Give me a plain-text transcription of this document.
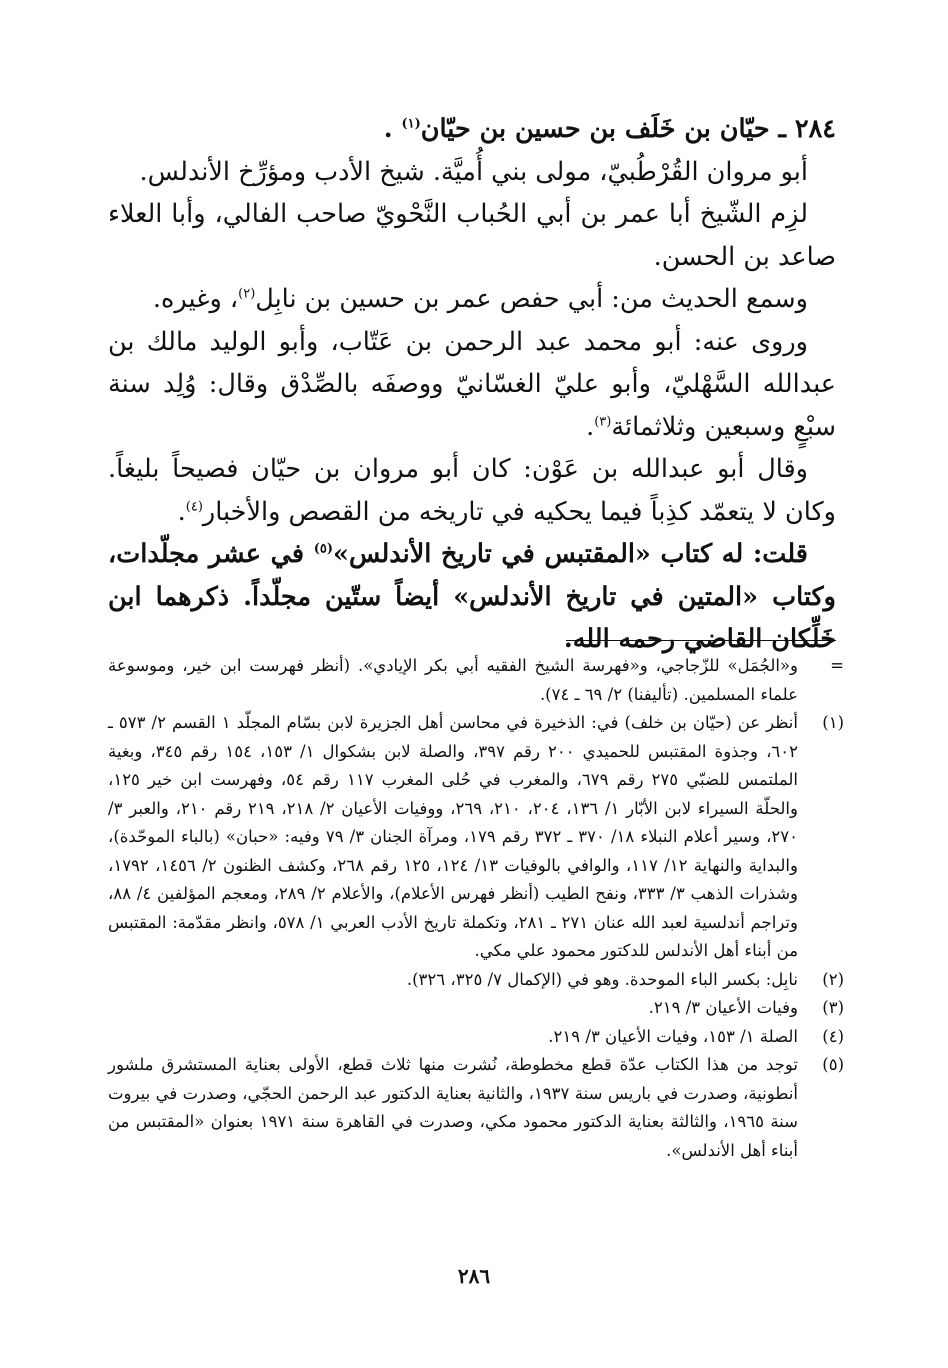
٢٨٤ ـ حيّان بن خَلَف بن حسين بن حيّان$^{(١)}$ .

أبو مروان القُرْطُبيّ، مولى بني أُميَّة. شيخ الأدب ومؤرِّخ الأندلس.

لزِم الشّيخ أبا عمر بن أبي الحُباب النَّحْويّ صاحب الفالي، وأبا العلاء صاعد بن الحسن.

وسمع الحديث من: أبي حفص عمر بن حسين بن نابِل$^{(٢)}$، وغيره.

وروى عنه: أبو محمد عبد الرحمن بن عَتّاب، وأبو الوليد مالك بن عبدالله السَّهْليّ، وأبو عليّ الغسّانيّ ووصفَه بالصِّدْق وقال: وُلِد سنة سبْعٍ وسبعين وثلاثمائة$^{(٣)}$.

وقال أبو عبدالله بن عَوْن: كان أبو مروان بن حيّان فصيحاً بليغاً. وكان لا يتعمّد كذِباً فيما يحكيه في تاريخه من القصص والأخبار$^{(٤)}$.

قلت: له كتاب «المقتبس في تاريخ الأندلس»$^{(٥)}$ في عشر مجلّدات، وكتاب «المتين في تاريخ الأندلس» أيضاً ستّين مجلّداً. ذكرهما ابن خَلِّكان القاضي رحمه الله.

=
و«الجُمَل» للزّجاجي، و«فهرسة الشيخ الفقيه أبي بكر الإيادي». (أنظر فهرست ابن خير، وموسوعة علماء المسلمين. (تأليفنا) ٢/ ٦٩ ـ ٧٤).
(١)
أنظر عن (حيّان بن خلف) في: الذخيرة في محاسن أهل الجزيرة لابن بسّام المجلّد ١ القسم ٢/ ٥٧٣ ـ ٦٠٢، وجذوة المقتبس للحميدي ٢٠٠ رقم ٣٩٧، والصلة لابن بشكوال ١/ ١٥٣، ١٥٤ رقم ٣٤٥، وبغية الملتمس للضبّي ٢٧٥ رقم ٦٧٩، والمغرب في حُلى المغرب ١١٧ رقم ٥٤، وفهرست ابن خير ١٢٥، والحلّة السيراء لابن الأبّار ١/ ١٣٦، ٢٠٤، ٢١٠، ٢٦٩، ووفيات الأعيان ٢/ ٢١٨، ٢١٩ رقم ٢١٠، والعبر ٣/ ٢٧٠، وسير أعلام النبلاء ١٨/ ٣٧٠ ـ ٣٧٢ رقم ١٧٩، ومرآة الجنان ٣/ ٧٩ وفيه: «حبان» (بالباء الموحّدة)، والبداية والنهاية ١٢/ ١١٧، والوافي بالوفيات ١٣/ ١٢٤، ١٢٥ رقم ٢٦٨، وكشف الظنون ٢/ ١٤٥٦، ١٧٩٢، وشذرات الذهب ٣/ ٣٣٣، ونفح الطيب (أنظر فهرس الأعلام)، والأعلام ٢/ ٢٨٩، ومعجم المؤلفين ٤/ ٨٨، وتراجم أندلسية لعبد الله عنان ٢٧١ ـ ٢٨١، وتكملة تاريخ الأدب العربي ١/ ٥٧٨، وانظر مقدّمة: المقتبس من أبناء أهل الأندلس للدكتور محمود علي مكي.
(٢)
نابِل: بكسر الباء الموحدة. وهو في (الإكمال ٧/ ٣٢٥، ٣٢٦).
(٣)
وفيات الأعيان ٣/ ٢١٩.
(٤)
الصلة ١/ ١٥٣، وفيات الأعيان ٣/ ٢١٩.
(٥)
توجد من هذا الكتاب عدّة قطع مخطوطة، نُشرت منها ثلاث قطع، الأولى بعناية المستشرق ملشور أنطونية، وصدرت في باريس سنة ١٩٣٧، والثانية بعناية الدكتور عبد الرحمن الحجّي، وصدرت في بيروت سنة ١٩٦٥، والثالثة بعناية الدكتور محمود مكي، وصدرت في القاهرة سنة ١٩٧١ بعنوان «المقتبس من أبناء أهل الأندلس».
٢٨٦
